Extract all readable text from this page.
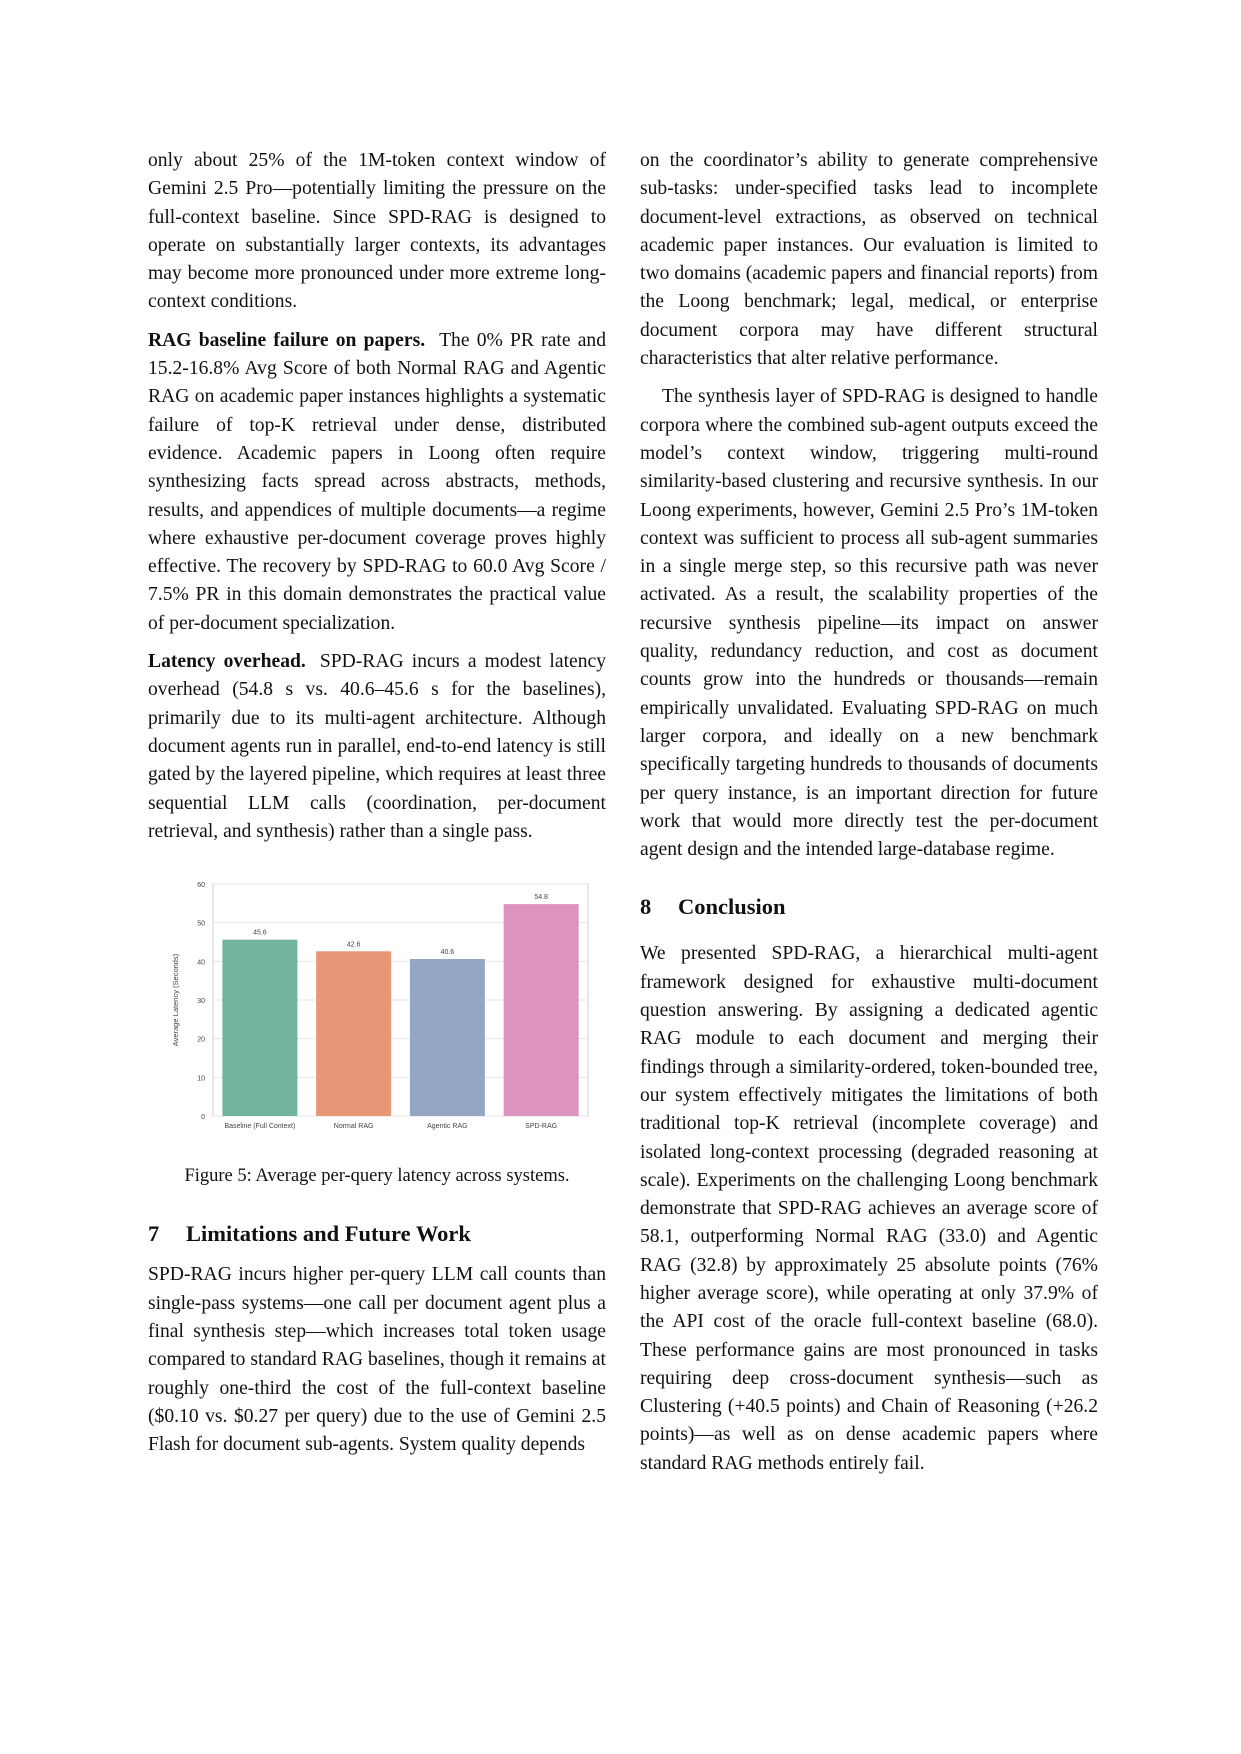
only about 25% of the 1M-token context window of Gemini 2.5 Pro—potentially limiting the pressure on the full-context baseline. Since SPD-RAG is designed to operate on substantially larger contexts, its advantages may become more pronounced under more extreme long-context conditions.

RAG baseline failure on papers. The 0% PR rate and 15.2-16.8% Avg Score of both Normal RAG and Agentic RAG on academic paper instances highlights a systematic failure of top-K retrieval under dense, distributed evidence. Academic papers in Loong often require synthesizing facts spread across abstracts, methods, results, and appendices of multiple documents—a regime where exhaustive per-document coverage proves highly effective. The recovery by SPD-RAG to 60.0 Avg Score / 7.5% PR in this domain demonstrates the practical value of per-document specialization.

Latency overhead. SPD-RAG incurs a modest latency overhead (54.8 s vs. 40.6–45.6 s for the baselines), primarily due to its multi-agent architecture. Although document agents run in parallel, end-to-end latency is still gated by the layered pipeline, which requires at least three sequential LLM calls (coordination, per-document retrieval, and synthesis) rather than a single pass.

0
10
20
30
40
50
60
Average Latency (Seconds)
45.6
Baseline (Full Context)
42.6
Normal RAG
40.6
Agentic RAG
54.8
SPD-RAG
Figure 5: Average per-query latency across systems.
7 Limitations and Future Work

SPD-RAG incurs higher per-query LLM call counts than single-pass systems—one call per document agent plus a final synthesis step—which increases total token usage compared to standard RAG baselines, though it remains at roughly one-third the cost of the full-context baseline ($0.10 vs. $0.27 per query) due to the use of Gemini 2.5 Flash for document sub-agents. System quality depends

on the coordinator’s ability to generate comprehensive sub-tasks: under-specified tasks lead to incomplete document-level extractions, as observed on technical academic paper instances. Our evaluation is limited to two domains (academic papers and financial reports) from the Loong benchmark; legal, medical, or enterprise document corpora may have different structural characteristics that alter relative performance.

The synthesis layer of SPD-RAG is designed to handle corpora where the combined sub-agent outputs exceed the model’s context window, triggering multi-round similarity-based clustering and recursive synthesis. In our Loong experiments, however, Gemini 2.5 Pro’s 1M-token context was sufficient to process all sub-agent summaries in a single merge step, so this recursive path was never activated. As a result, the scalability properties of the recursive synthesis pipeline—its impact on answer quality, redundancy reduction, and cost as document counts grow into the hundreds or thousands—remain empirically unvalidated. Evaluating SPD-RAG on much larger corpora, and ideally on a new benchmark specifically targeting hundreds to thousands of documents per query instance, is an important direction for future work that would more directly test the per-document agent design and the intended large-database regime.

8 Conclusion

We presented SPD-RAG, a hierarchical multi-agent framework designed for exhaustive multi-document question answering. By assigning a dedicated agentic RAG module to each document and merging their findings through a similarity-ordered, token-bounded tree, our system effectively mitigates the limitations of both traditional top-K retrieval (incomplete coverage) and isolated long-context processing (degraded reasoning at scale). Experiments on the challenging Loong benchmark demonstrate that SPD-RAG achieves an average score of 58.1, outperforming Normal RAG (33.0) and Agentic RAG (32.8) by approximately 25 absolute points (76% higher average score), while operating at only 37.9% of the API cost of the oracle full-context baseline (68.0). These performance gains are most pronounced in tasks requiring deep cross-document synthesis—such as Clustering (+40.5 points) and Chain of Reasoning (+26.2 points)—as well as on dense academic papers where standard RAG methods entirely fail.
